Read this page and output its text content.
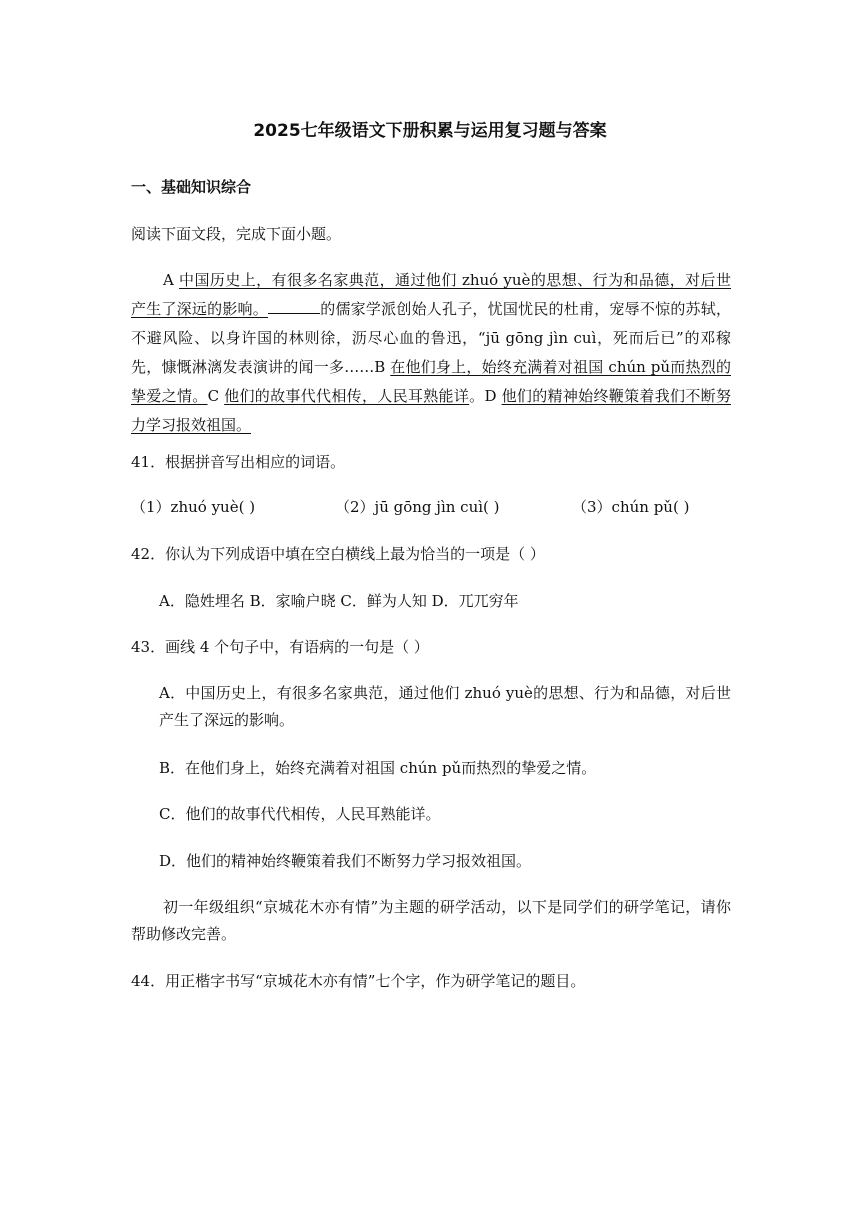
2025七年级语文下册积累与运用复习题与答案
一、基础知识综合
阅读下面文段，完成下面小题。
A 中国历史上，有很多名家典范，通过他们 zhuó yuè的思想、行为和品德，对后世产生了深远的影响。	的儒家学派创始人孔子，忧国忧民的杜甫，宠辱不惊的苏轼，不避风险、以身许国的林则徐，沥尽心血的鲁迅，“jū gōng jìn cuì，死而后已”的邓稼先，慷慨淋漓发表演讲的闻一多……B 在他们身上，始终充满着对祖国 chún pǔ而热烈的挚爱之情。C 他们的故事代代相传，人民耳熟能详。D 他们的精神始终鞭策着我们不断努力学习报效祖国。
41．根据拼音写出相应的词语。
（1）zhuó yuè( )	（2）jū gōng jìn cuì( )	（3）chún pǔ( )
42．你认为下列成语中填在空白横线上最为恰当的一项是（ ）
A．隐姓埋名 B．家喻户晓 C．鲜为人知 D．兀兀穷年
43．画线 4 个句子中，有语病的一句是（ ）
A．中国历史上，有很多名家典范，通过他们 zhuó yuè的思想、行为和品德，对后世产生了深远的影响。
B．在他们身上，始终充满着对祖国 chún pǔ而热烈的挚爱之情。
C．他们的故事代代相传，人民耳熟能详。
D．他们的精神始终鞭策着我们不断努力学习报效祖国。
初一年级组织“京城花木亦有情”为主题的研学活动，以下是同学们的研学笔记，请你帮助修改完善。
44．用正楷字书写“京城花木亦有情”七个字，作为研学笔记的题目。
